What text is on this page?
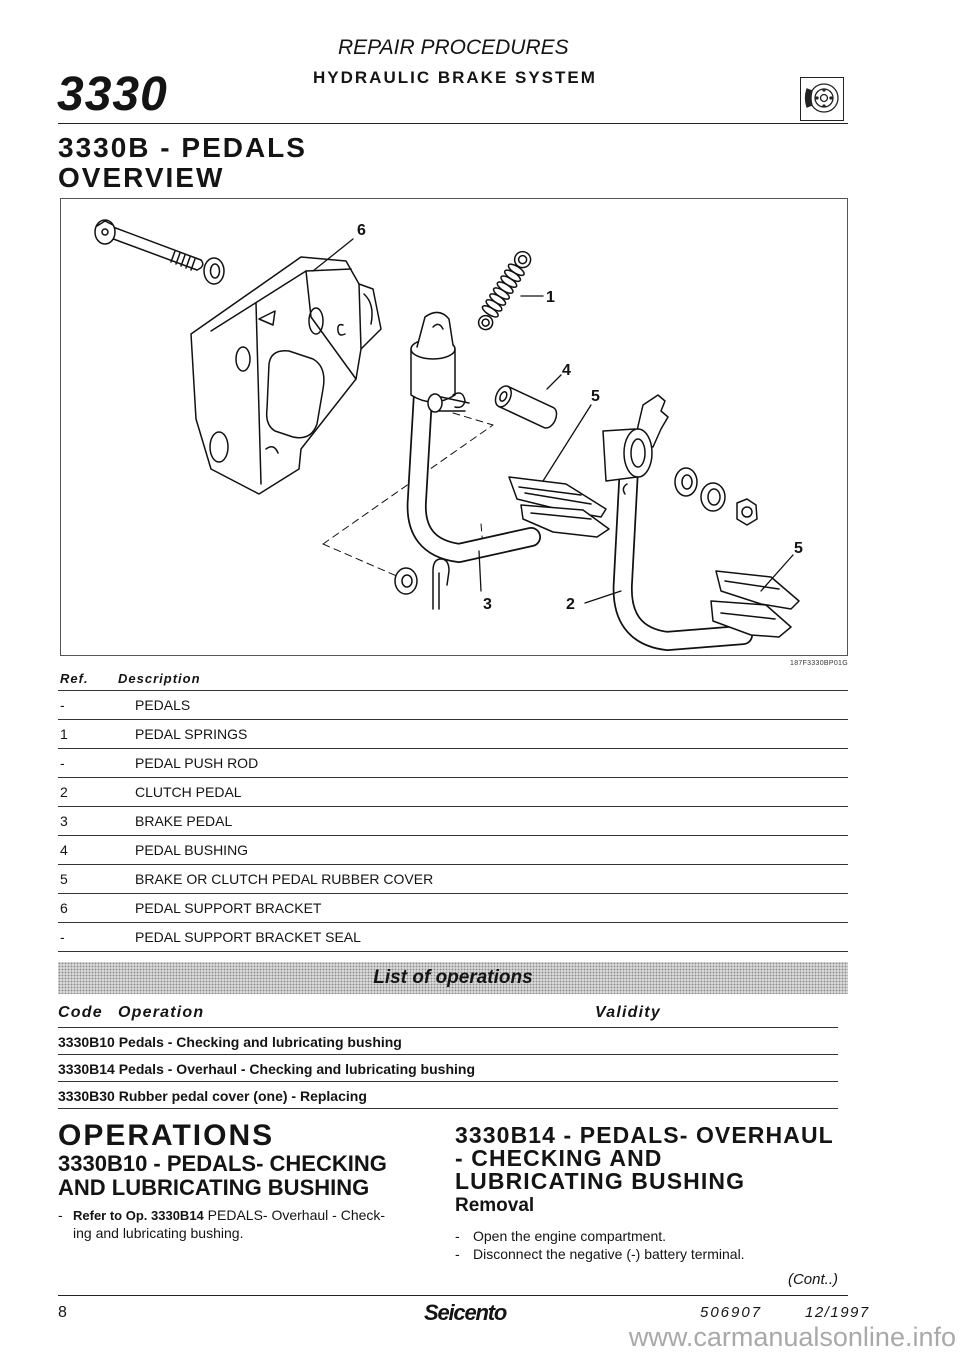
REPAIR PROCEDURES
HYDRAULIC BRAKE SYSTEM
3330
3330B - PEDALS
OVERVIEW
6
1
4
5
5
3	2
187F3330BP01G
Ref.	Description
-	PEDALS
1	PEDAL SPRINGS
-	PEDAL PUSH ROD
2	CLUTCH PEDAL
3	BRAKE PEDAL
4	PEDAL BUSHING
5	BRAKE OR CLUTCH PEDAL RUBBER COVER
6	PEDAL SUPPORT BRACKET
-	PEDAL SUPPORT BRACKET SEAL
List of operations
Code Operation	Validity
3330B10 Pedals - Checking and lubricating bushing
3330B14 Pedals - Overhaul - Checking and lubricating bushing
3330B30 Rubber pedal cover (one) - Replacing
OPERATIONS
3330B10 - PEDALS- CHECKING
AND LUBRICATING BUSHING
- Refer to Op. 3330B14 PEDALS- Overhaul - Check-
ing and lubricating bushing.
3330B14 - PEDALS- OVERHAUL
- CHECKING AND
LUBRICATING BUSHING
Removal
- Open the engine compartment.
- Disconnect the negative (-) battery terminal.
(Cont..)
8	Seicento	506907	12/1997
www.carmanualsonline.info
